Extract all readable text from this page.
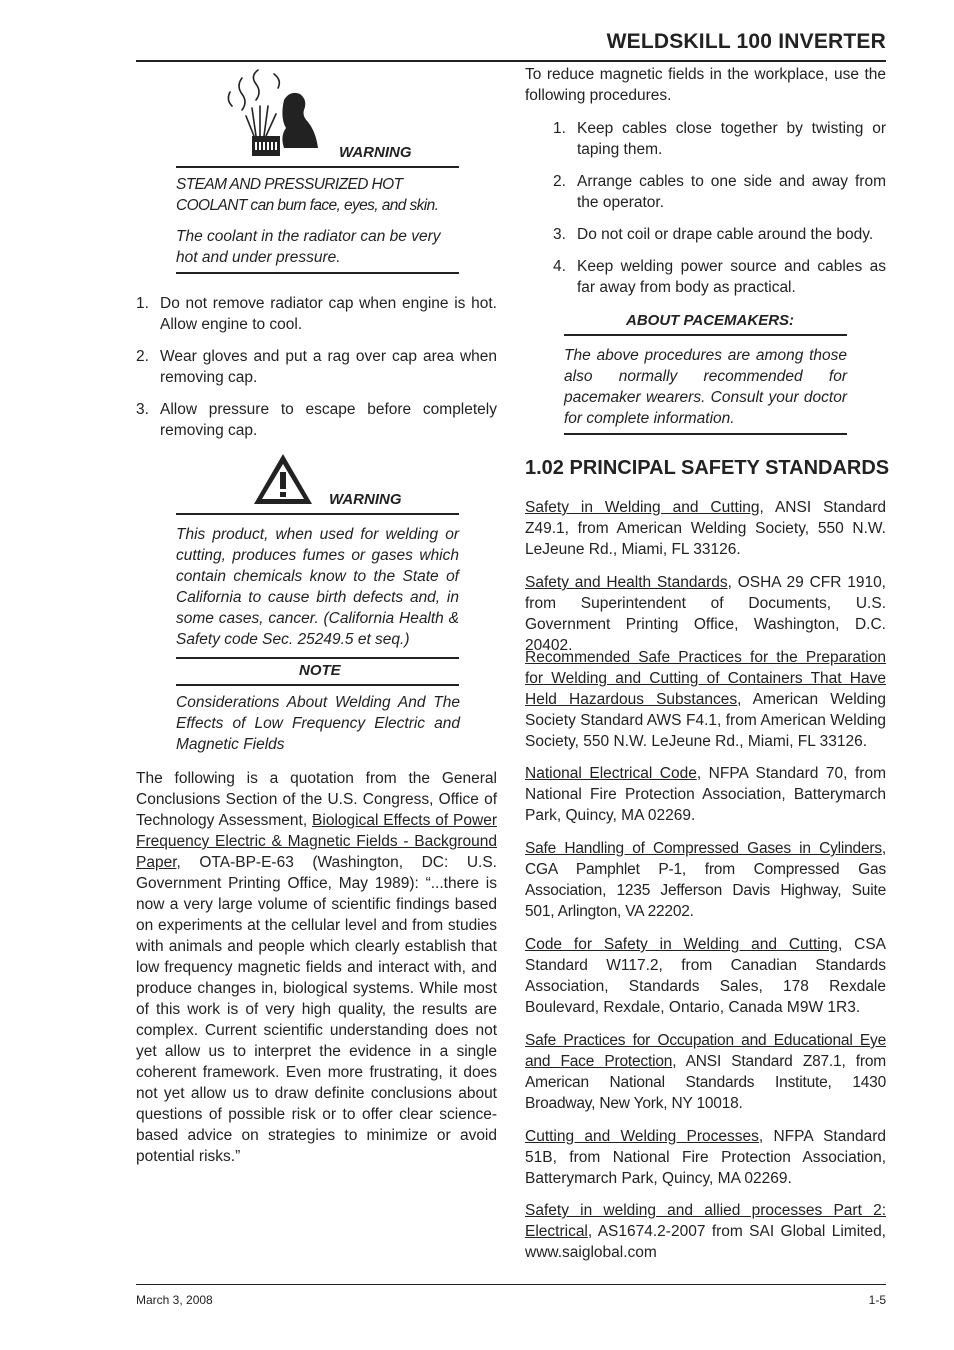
WELDSKILL 100 INVERTER
WARNING

STEAM AND PRESSURIZED HOT COOLANT can burn face, eyes, and skin.

The coolant in the radiator can be very hot and under pressure.

1. Do not remove radiator cap when engine is hot. Allow engine to cool.
2. Wear gloves and put a rag over cap area when removing cap.
3. Allow pressure to escape before completely removing cap.
WARNING

This product, when used for welding or cutting, produces fumes or gases which contain chemicals know to the State of California to cause birth defects and, in some cases, cancer. (California Health & Safety code Sec. 25249.5 et seq.)

NOTE
Considerations About Welding And The Effects of Low Frequency Electric and Magnetic Fields
The following is a quotation from the General Conclusions Section of the U.S. Congress, Office of Technology Assessment, Biological Effects of Power Frequency Electric & Magnetic Fields - Background Paper, OTA-BP-E-63 (Washington, DC: U.S. Government Printing Office, May 1989): “...there is now a very large volume of scientific findings based on experiments at the cellular level and from studies with animals and people which clearly establish that low frequency magnetic fields and interact with, and produce changes in, biological systems. While most of this work is of very high quality, the results are complex. Current scientific understanding does not yet allow us to interpret the evidence in a single coherent framework. Even more frustrating, it does not yet allow us to draw definite conclusions about questions of possible risk or to offer clear science-based advice on strategies to minimize or avoid potential risks.”
To reduce magnetic fields in the workplace, use the following procedures.
1. Keep cables close together by twisting or taping them.
2. Arrange cables to one side and away from the operator.
3. Do not coil or drape cable around the body.
4. Keep welding power source and cables as far away from body as practical.
ABOUT PACEMAKERS:

The above procedures are among those also normally recommended for pacemaker wearers. Consult your doctor for complete information.

1.02 PRINCIPAL SAFETY STANDARDS
Safety in Welding and Cutting, ANSI Standard Z49.1, from American Welding Society, 550 N.W. LeJeune Rd., Miami, FL 33126.
Safety and Health Standards, OSHA 29 CFR 1910, from Superintendent of Documents, U.S. Government Printing Office, Washington, D.C. 20402.
Recommended Safe Practices for the Preparation for Welding and Cutting of Containers That Have Held Hazardous Substances, American Welding Society Standard AWS F4.1, from American Welding Society, 550 N.W. LeJeune Rd., Miami, FL 33126.
National Electrical Code, NFPA Standard 70, from National Fire Protection Association, Batterymarch Park, Quincy, MA 02269.
Safe Handling of Compressed Gases in Cylinders, CGA Pamphlet P-1, from Compressed Gas Association, 1235 Jefferson Davis Highway, Suite 501, Arlington, VA 22202.
Code for Safety in Welding and Cutting, CSA Standard W117.2, from Canadian Standards Association, Standards Sales, 178 Rexdale Boulevard, Rexdale, Ontario, Canada M9W 1R3.
Safe Practices for Occupation and Educational Eye and Face Protection, ANSI Standard Z87.1, from American National Standards Institute, 1430 Broadway, New York, NY 10018.
Cutting and Welding Processes, NFPA Standard 51B, from National Fire Protection Association, Batterymarch Park, Quincy, MA 02269.
Safety in welding and allied processes Part 2: Electrical, AS1674.2-2007 from SAI Global Limited, www.saiglobal.com
March 3, 2008	1-5
